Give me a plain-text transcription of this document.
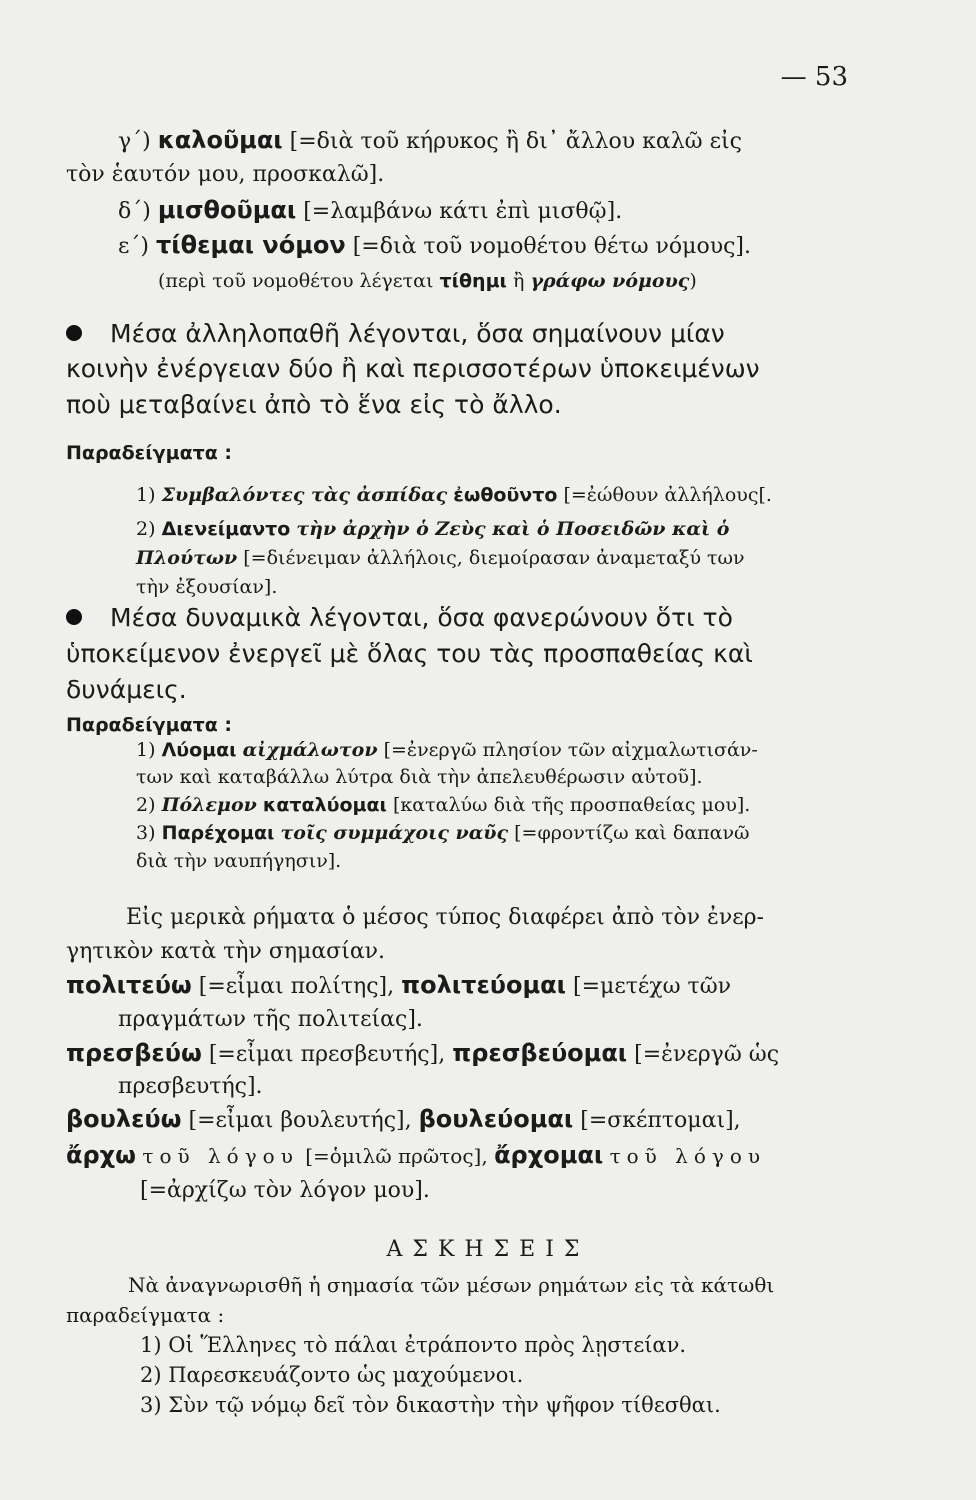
— 53
γ΄) καλοῦμαι [=διὰ τοῦ κήρυκος ἢ δι᾽ ἄλλου καλῶ εἰς
τὸν ἑαυτόν μου, προσκαλῶ].
δ΄) μισθοῦμαι [=λαμβάνω κάτι ἐπὶ μισθῷ].
ε΄) τίθεμαι νόμον [=διὰ τοῦ νομοθέτου θέτω νόμους].
(περὶ τοῦ νομοθέτου λέγεται τίθημι ἢ γράφω νόμους)
Μέσα ἀλληλοπαθῆ λέγονται, ὅσα σημαίνουν μίαν
κοινὴν ἐνέργειαν δύο ἢ καὶ περισσοτέρων ὑποκειμένων
ποὺ μεταβαίνει ἀπὸ τὸ ἕνα εἰς τὸ ἄλλο.
Παραδείγματα :
1) Συμβαλόντες τὰς ἀσπίδας ἐωθοῦντο [=ἐώθουν ἀλλήλους[.
2) Διενείμαντο τὴν ἀρχὴν ὁ Ζεὺς καὶ ὁ Ποσειδῶν καὶ ὁ
Πλούτων [=διένειμαν ἀλλήλοις, διεμοίρασαν ἀναμεταξύ των
τὴν ἐξουσίαν].
Μέσα δυναμικὰ λέγονται, ὅσα φανερώνουν ὅτι τὸ
ὑποκείμενον ἐνεργεῖ μὲ ὅλας του τὰς προσπαθείας καὶ
δυνάμεις.
Παραδείγματα :
1) Λύομαι αἰχμάλωτον [=ἐνεργῶ πλησίον τῶν αἰχμαλωτισάν-
των καὶ καταβάλλω λύτρα διὰ τὴν ἀπελευθέρωσιν αὐτοῦ].
2) Πόλεμον καταλύομαι [καταλύω διὰ τῆς προσπαθείας μου].
3) Παρέχομαι τοῖς συμμάχοις ναῦς [=φροντίζω καὶ δαπανῶ
διὰ τὴν ναυπήγησιν].
Εἰς μερικὰ ρήματα ὁ μέσος τύπος διαφέρει ἀπὸ τὸν ἐνερ-
γητικὸν κατὰ τὴν σημασίαν.
πολιτεύω [=εἶμαι πολίτης], πολιτεύομαι [=μετέχω τῶν
πραγμάτων τῆς πολιτείας].
πρεσβεύω [=εἶμαι πρεσβευτής], πρεσβεύομαι [=ἐνεργῶ ὡς
πρεσβευτής].
βουλεύω [=εἶμαι βουλευτής], βουλεύομαι [=σκέπτομαι],
ἄρχω τοῦ λόγου [=ὁμιλῶ πρῶτος], ἄρχομαι τοῦ λόγου
[=ἀρχίζω τὸν λόγον μου].
ΑΣΚΗΣΕΙΣ
Νὰ ἀναγνωρισθῆ ἡ σημασία τῶν μέσων ρημάτων εἰς τὰ κάτωθι
παραδείγματα :
1) Οἱ Ἕλληνες τὸ πάλαι ἐτράποντο πρὸς λῃστείαν.
2) Παρεσκευάζοντο ὡς μαχούμενοι.
3) Σὺν τῷ νόμῳ δεῖ τὸν δικαστὴν τὴν ψῆφον τίθεσθαι.
